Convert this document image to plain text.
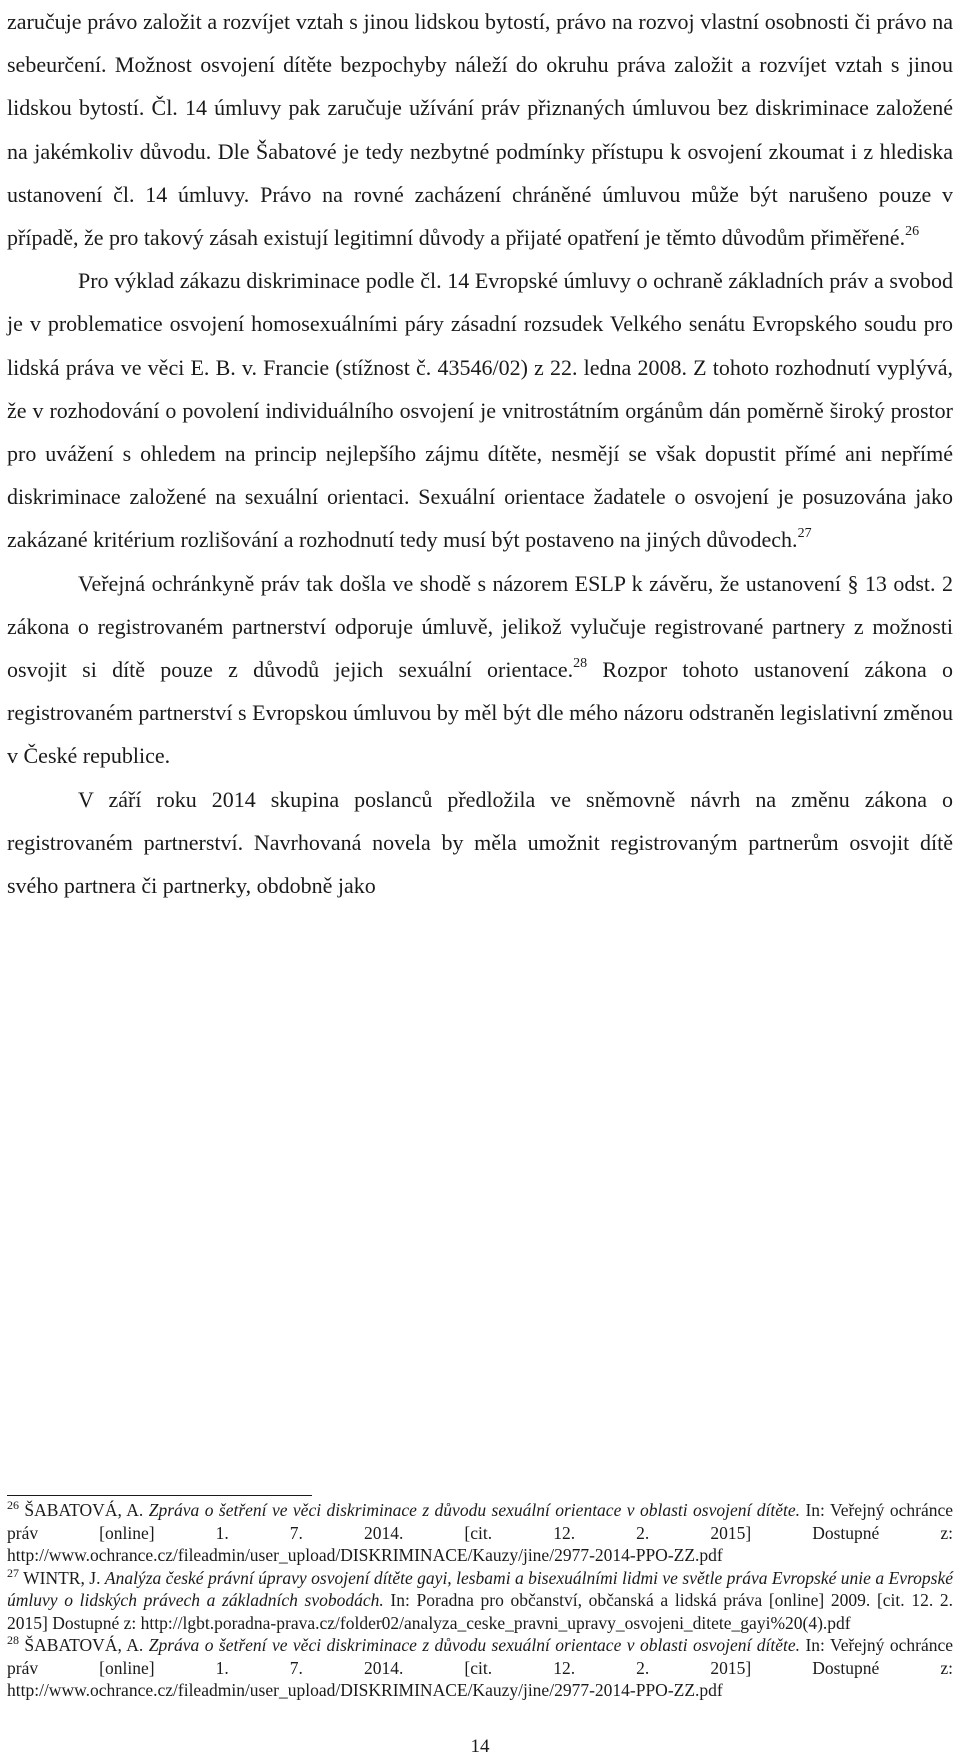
zaručuje právo založit a rozvíjet vztah s jinou lidskou bytostí, právo na rozvoj vlastní osobnosti či právo na sebeurčení. Možnost osvojení dítěte bezpochyby náleží do okruhu práva založit a rozvíjet vztah s jinou lidskou bytostí. Čl. 14 úmluvy pak zaručuje užívání práv přiznaných úmluvou bez diskriminace založené na jakémkoliv důvodu. Dle Šabatové je tedy nezbytné podmínky přístupu k osvojení zkoumat i z hlediska ustanovení čl. 14 úmluvy. Právo na rovné zacházení chráněné úmluvou může být narušeno pouze v případě, že pro takový zásah existují legitimní důvody a přijaté opatření je těmto důvodům přiměřené.$^{26}$

Pro výklad zákazu diskriminace podle čl. 14 Evropské úmluvy o ochraně základních práv a svobod je v problematice osvojení homosexuálními páry zásadní rozsudek Velkého senátu Evropského soudu pro lidská práva ve věci E. B. v. Francie (stížnost č. 43546/02) z 22. ledna 2008. Z tohoto rozhodnutí vyplývá, že v rozhodování o povolení individuálního osvojení je vnitrostátním orgánům dán poměrně široký prostor pro uvážení s ohledem na princip nejlepšího zájmu dítěte, nesmějí se však dopustit přímé ani nepřímé diskriminace založené na sexuální orientaci. Sexuální orientace žadatele o osvojení je posuzována jako zakázané kritérium rozlišování a rozhodnutí tedy musí být postaveno na jiných důvodech.$^{27}$

Veřejná ochránkyně práv tak došla ve shodě s názorem ESLP k závěru, že ustanovení § 13 odst. 2 zákona o registrovaném partnerství odporuje úmluvě, jelikož vylučuje registrované partnery z možnosti osvojit si dítě pouze z důvodů jejich sexuální orientace.$^{28}$ Rozpor tohoto ustanovení zákona o registrovaném partnerství s Evropskou úmluvou by měl být dle mého názoru odstraněn legislativní změnou v České republice.

V září roku 2014 skupina poslanců předložila ve sněmovně návrh na změnu zákona o registrovaném partnerství. Navrhovaná novela by měla umožnit registrovaným partnerům osvojit dítě svého partnera či partnerky, obdobně jako

$^{26}$ ŠABATOVÁ, A. Zpráva o šetření ve věci diskriminace z důvodu sexuální orientace v oblasti osvojení dítěte. In: Veřejný ochránce práv [online] 1. 7. 2014. [cit. 12. 2. 2015] Dostupné z: http://www.ochrance.cz/fileadmin/user_upload/DISKRIMINACE/Kauzy/jine/2977-2014-PPO-ZZ.pdf

$^{27}$ WINTR, J. Analýza české právní úpravy osvojení dítěte gayi, lesbami a bisexuálními lidmi ve světle práva Evropské unie a Evropské úmluvy o lidských právech a základních svobodách. In: Poradna pro občanství, občanská a lidská práva [online] 2009. [cit. 12. 2. 2015] Dostupné z: http://lgbt.poradna-prava.cz/folder02/analyza_ceske_pravni_upravy_osvojeni_ditete_gayi%20(4).pdf

$^{28}$ ŠABATOVÁ, A. Zpráva o šetření ve věci diskriminace z důvodu sexuální orientace v oblasti osvojení dítěte. In: Veřejný ochránce práv [online] 1. 7. 2014. [cit. 12. 2. 2015] Dostupné z: http://www.ochrance.cz/fileadmin/user_upload/DISKRIMINACE/Kauzy/jine/2977-2014-PPO-ZZ.pdf

14
